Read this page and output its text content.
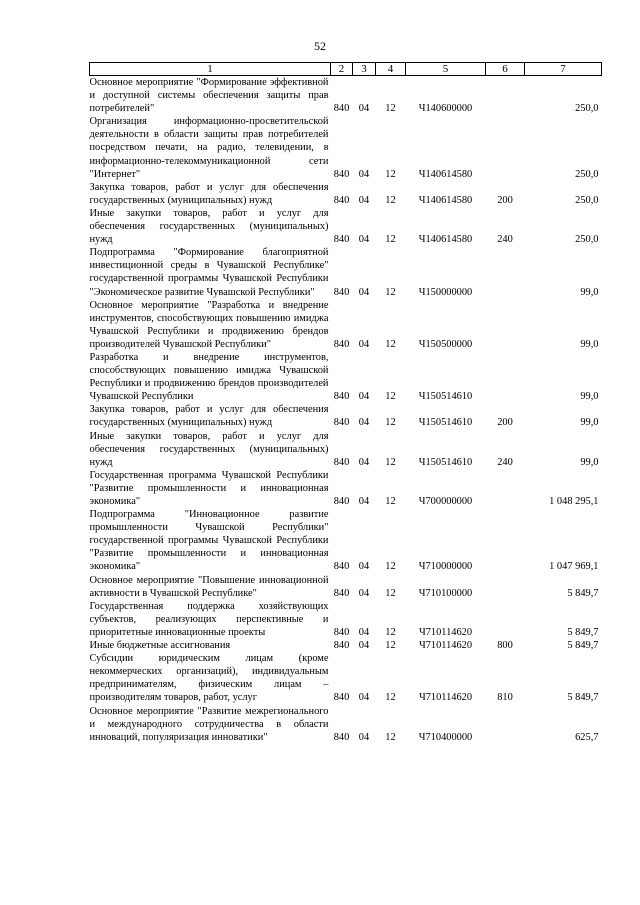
52
1	2	3	4	5	6	7
Основное мероприятие "Формирование эффективной и доступной системы обеспечения защиты прав потребителей"	840	04	12	Ч140600000		250,0
Организация информационно-просветительской деятельности в области защиты прав потребителей посредством печати, на радио, телевидении, в информационно-телекоммуникационной сети "Интернет"	840	04	12	Ч140614580		250,0
Закупка товаров, работ и услуг для обеспечения государственных (муниципальных) нужд	840	04	12	Ч140614580	200	250,0
Иные закупки товаров, работ и услуг для обеспечения государственных (муниципальных) нужд	840	04	12	Ч140614580	240	250,0
Подпрограмма "Формирование благоприятной инвестиционной среды в Чувашской Республике" государственной программы Чувашской Республики "Экономическое развитие Чувашской Республики"	840	04	12	Ч150000000		99,0
Основное мероприятие "Разработка и внедрение инструментов, способствующих повышению имиджа Чувашской Республики и продвижению брендов производителей Чувашской Республики"	840	04	12	Ч150500000		99,0
Разработка и внедрение инструментов, способствующих повышению имиджа Чувашской Республики и продвижению брендов производителей Чувашской Республики	840	04	12	Ч150514610		99,0
Закупка товаров, работ и услуг для обеспечения государственных (муниципальных) нужд	840	04	12	Ч150514610	200	99,0
Иные закупки товаров, работ и услуг для обеспечения государственных (муниципальных) нужд	840	04	12	Ч150514610	240	99,0
Государственная программа Чувашской Республики "Развитие промышленности и инновационная экономика"	840	04	12	Ч700000000		1 048 295,1
Подпрограмма "Инновационное развитие промышленности Чувашской Республики" государственной программы Чувашской Республики "Развитие промышленности и инновационная экономика"	840	04	12	Ч710000000		1 047 969,1
Основное мероприятие "Повышение инновационной активности в Чувашской Республике"	840	04	12	Ч710100000		5 849,7
Государственная поддержка хозяйствующих субъектов, реализующих перспективные и приоритетные инновационные проекты	840	04	12	Ч710114620		5 849,7
Иные бюджетные ассигнования	840	04	12	Ч710114620	800	5 849,7
Субсидии юридическим лицам (кроме некоммерческих организаций), индивидуальным предпринимателям, физическим лицам – производителям товаров, работ, услуг	840	04	12	Ч710114620	810	5 849,7
Основное мероприятие "Развитие межрегионального и международного сотрудничества в области инноваций, популяризация инноватики"	840	04	12	Ч710400000		625,7
